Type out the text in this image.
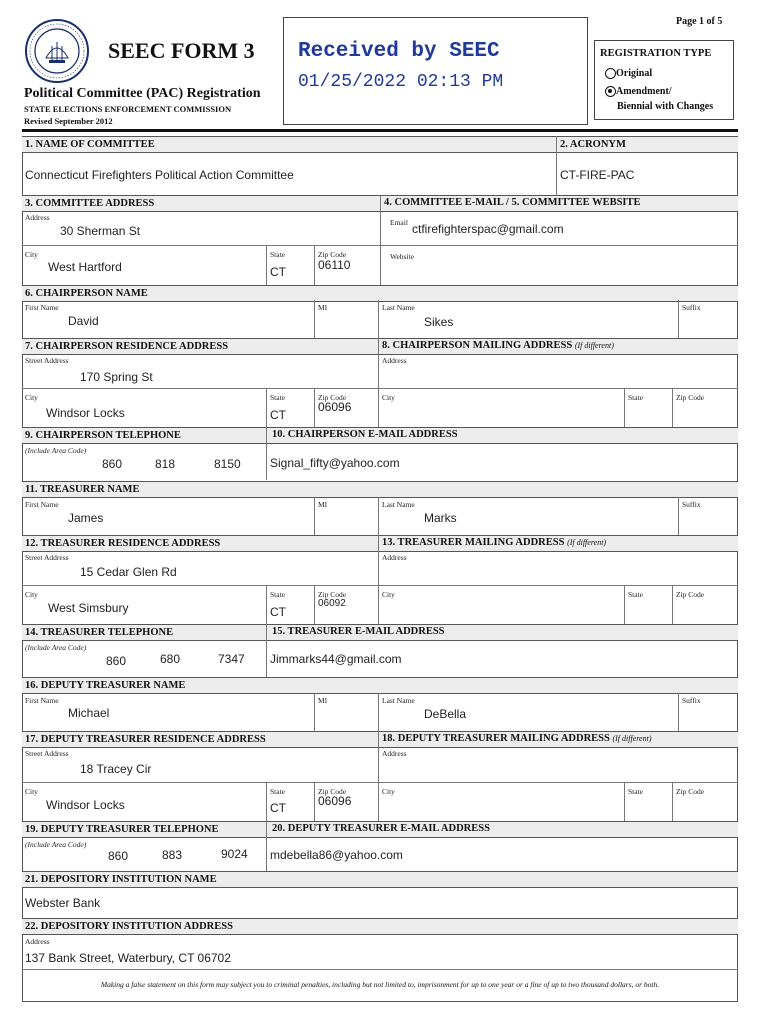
Page 1 of 5
SEEC FORM 3
Political Committee (PAC) Registration
STATE ELECTIONS ENFORCEMENT COMMISSION
Revised September 2012
Received by SEEC
01/25/2022 02:13 PM
REGISTRATION TYPE
Original
Amendment/
Biennial with Changes
1. NAME OF COMMITTEE	2. ACRONYM
Connecticut Firefighters Political Action Committee	CT-FIRE-PAC
3. COMMITTEE ADDRESS	4. COMMITTEE E-MAIL / 5. COMMITTEE WEBSITE
Address
30 Sherman St
City
West Hartford
State
CT
Zip Code
06110
Email ctfirefighterspac@gmail.com
Website
6. CHAIRPERSON NAME
First Name
David
MI	Last Name
Sikes
Suffix
7. CHAIRPERSON RESIDENCE ADDRESS	8. CHAIRPERSON MAILING ADDRESS (If different)
Street Address
170 Spring St
Address
City
Windsor Locks
State
CT
Zip Code
06096
City	State	Zip Code
9. CHAIRPERSON TELEPHONE	10. CHAIRPERSON E-MAIL ADDRESS
(Include Area Code)
860	818	8150 Signal_fifty@yahoo.com
11. TREASURER NAME
First Name
James
MI	Last Name
Marks
Suffix
12. TREASURER RESIDENCE ADDRESS	13. TREASURER MAILING ADDRESS (If different)
Street Address
15 Cedar Glen Rd
Address
City
West Simsbury
State
CT
Zip Code
06092
City	State	Zip Code
14. TREASURER TELEPHONE	15. TREASURER E-MAIL ADDRESS
(Include Area Code)
860	680	7347 Jimmarks44@gmail.com
16. DEPUTY TREASURER NAME
First Name
Michael
MI	Last Name
DeBella
Suffix
17. DEPUTY TREASURER RESIDENCE ADDRESS	18. DEPUTY TREASURER MAILING ADDRESS (If different)
Street Address
18 Tracey Cir
Address
City
Windsor Locks
State
CT
Zip Code
06096
City	State	Zip Code
19. DEPUTY TREASURER TELEPHONE	20. DEPUTY TREASURER E-MAIL ADDRESS
(Include Area Code)
860	883	9024 mdebella86@yahoo.com
21. DEPOSITORY INSTITUTION NAME
Webster Bank
22. DEPOSITORY INSTITUTION ADDRESS
Address
137 Bank Street, Waterbury, CT 06702
Making a false statement on this form may subject you to criminal penalties, including but not limited to, imprisonment for up to one year or a fine of up to two thousand dollars, or both.
